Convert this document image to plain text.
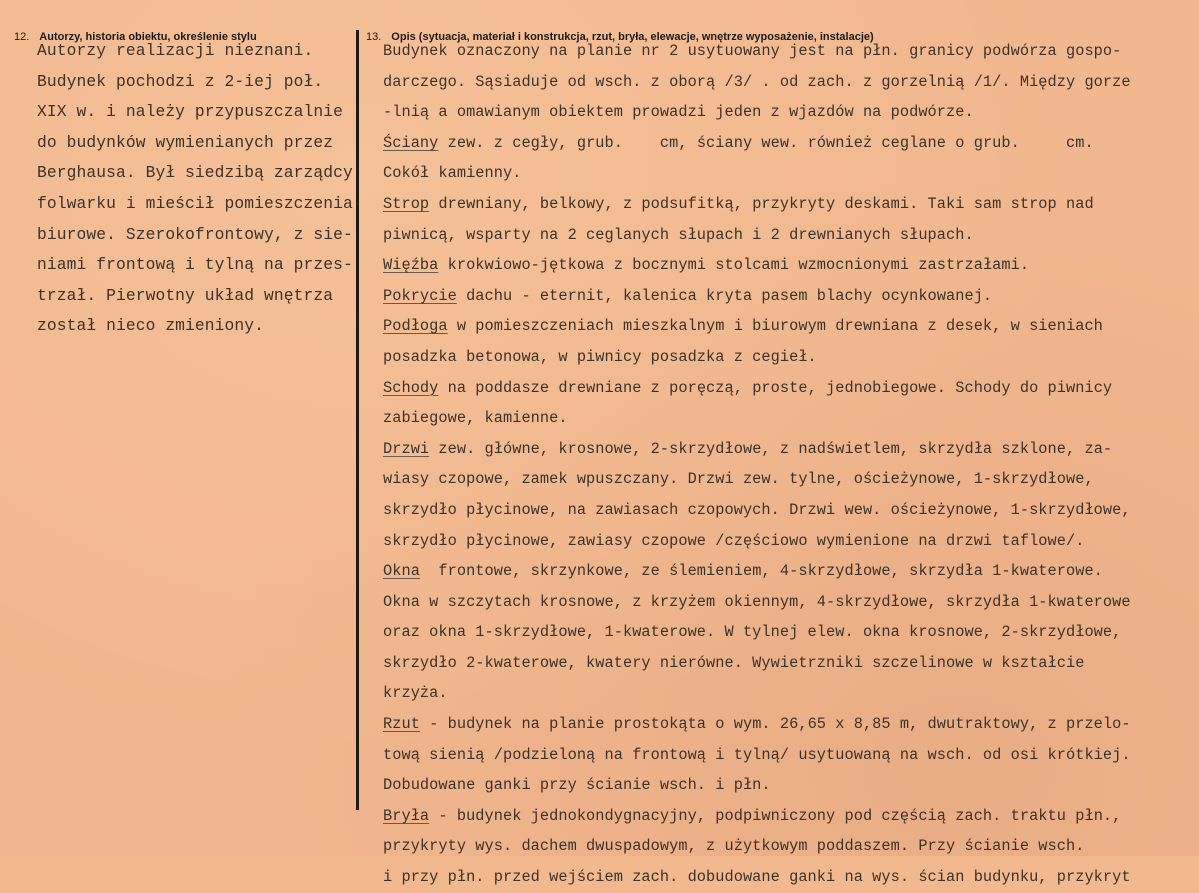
12. Autorzy, historia obiektu, określenie stylu	13. Opis (sytuacja, materiał i konstrukcja, rzut, bryła, elewacje, wnętrze wyposażenie, instalacje)
Autorzy realizacji nieznani.
Budynek pochodzi z 2-iej poł.
XIX w. i należy przypuszczalnie
do budynków wymienianych przez
Berghausa. Był siedzibą zarządcy
folwarku i mieścił pomieszczenia
biurowe. Szerokofrontowy, z sie-
niami frontową i tylną na przes-
trzał. Pierwotny układ wnętrza
został nieco zmieniony.
Budynek oznaczony na planie nr 2 usytuowany jest na płn. granicy podwórza gospo-
darczego. Sąsiaduje od wsch. z oborą /3/ . od zach. z gorzelnią /1/. Między gorze
-lnią a omawianym obiektem prowadzi jeden z wjazdów na podwórze.
Ściany zew. z cegły, grub.    cm, ściany wew. również ceglane o grub.     cm.
Cokół kamienny.
Strop drewniany, belkowy, z podsufitką, przykryty deskami. Taki sam strop nad
piwnicą, wsparty na 2 ceglanych słupach i 2 drewnianych słupach.
Więźba krokwiowo-jętkowa z bocznymi stolcami wzmocnionymi zastrzałami.
Pokrycie dachu - eternit, kalenica kryta pasem blachy ocynkowanej.
Podłoga w pomieszczeniach mieszkalnym i biurowym drewniana z desek, w sieniach
posadzka betonowa, w piwnicy posadzka z cegieł.
Schody na poddasze drewniane z poręczą, proste, jednobiegowe. Schody do piwnicy
zabiegowe, kamienne.
Drzwi zew. główne, krosnowe, 2-skrzydłowe, z nadświetlem, skrzydła szklone, za-
wiasy czopowe, zamek wpuszczany. Drzwi zew. tylne, ościeżynowe, 1-skrzydłowe,
skrzydło płycinowe, na zawiasach czopowych. Drzwi wew. ościeżynowe, 1-skrzydłowe,
skrzydło płycinowe, zawiasy czopowe /częściowo wymienione na drzwi taflowe/.
Okna  frontowe, skrzynkowe, ze ślemieniem, 4-skrzydłowe, skrzydła 1-kwaterowe.
Okna w szczytach krosnowe, z krzyżem okiennym, 4-skrzydłowe, skrzydła 1-kwaterowe
oraz okna 1-skrzydłowe, 1-kwaterowe. W tylnej elew. okna krosnowe, 2-skrzydłowe,
skrzydło 2-kwaterowe, kwatery nierówne. Wywietrzniki szczelinowe w kształcie
krzyża.
Rzut - budynek na planie prostokąta o wym. 26,65 x 8,85 m, dwutraktowy, z przelo-
tową sienią /podzieloną na frontową i tylną/ usytuowaną na wsch. od osi krótkiej.
Dobudowane ganki przy ścianie wsch. i płn.
Bryła - budynek jednokondygnacyjny, podpiwniczony pod częścią zach. traktu płn.,
przykryty wys. dachem dwuspadowym, z użytkowym poddaszem. Przy ścianie wsch.
i przy płn. przed wejściem zach. dobudowane ganki na wys. ścian budynku, przykryt
